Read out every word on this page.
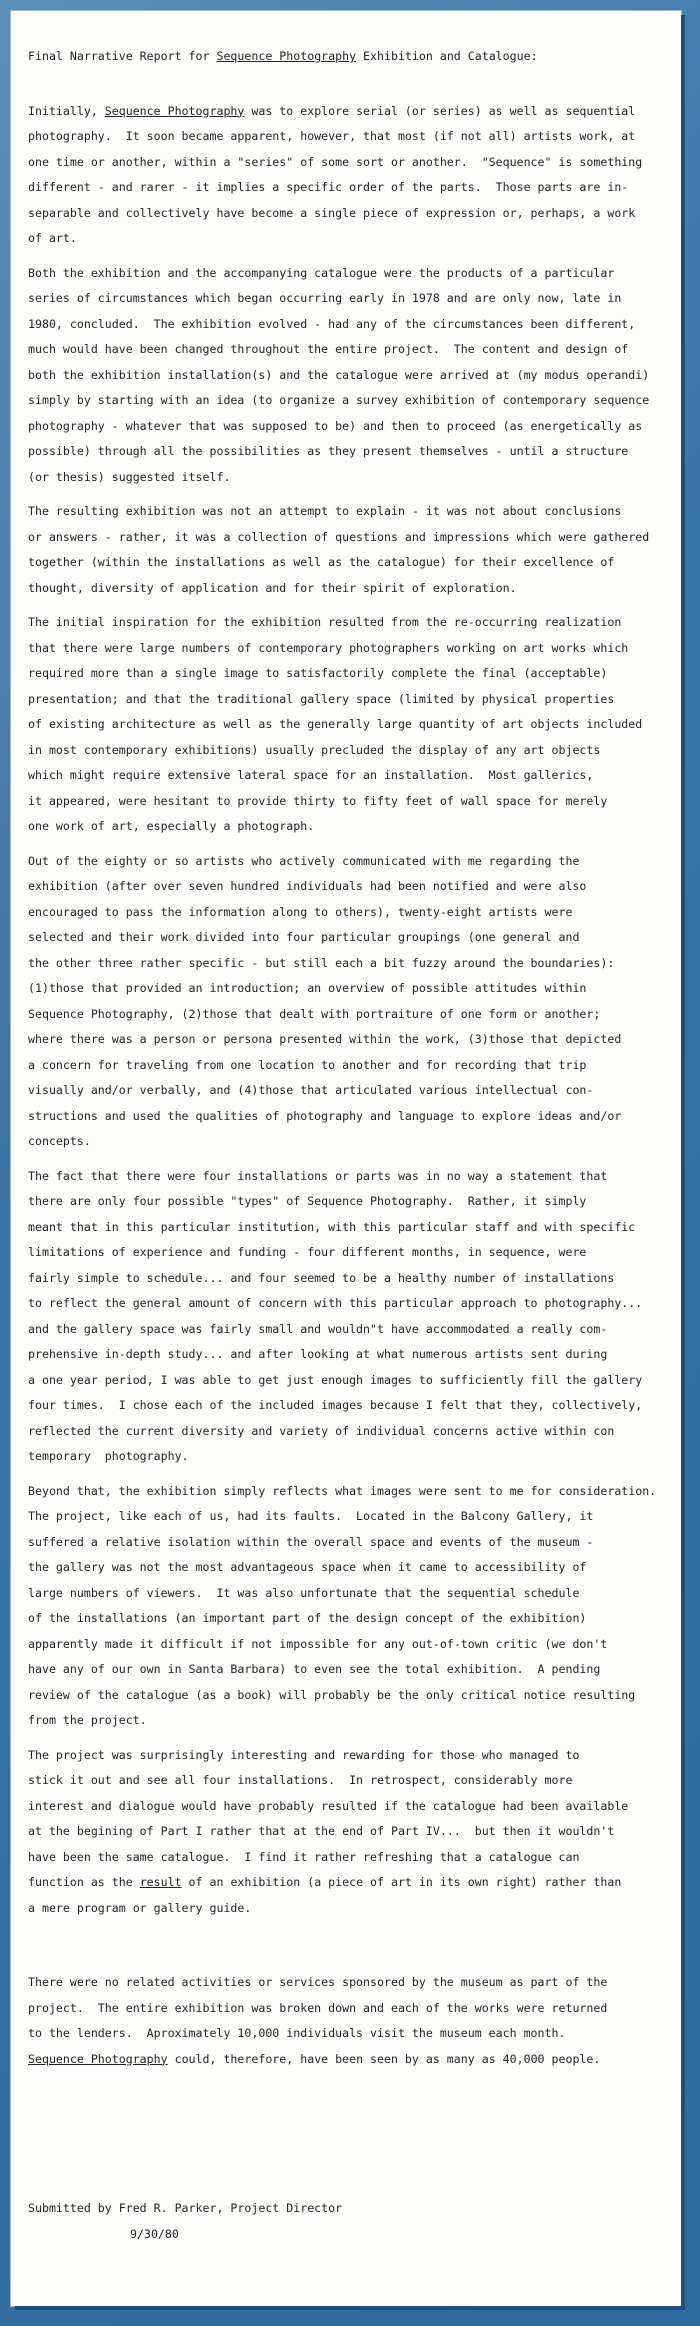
Final Narrative Report for Sequence Photography Exhibition and Catalogue:
Initially, Sequence Photography was to explore serial (or series) as well as sequential
photography.  It soon became apparent, however, that most (if not all) artists work, at
one time or another, within a "series" of some sort or another.  "Sequence" is something
different - and rarer - it implies a specific order of the parts.  Those parts are in-
separable and collectively have become a single piece of expression or, perhaps, a work
of art.
Both the exhibition and the accompanying catalogue were the products of a particular
series of circumstances which began occurring early in 1978 and are only now, late in
1980, concluded.  The exhibition evolved - had any of the circumstances been different,
much would have been changed throughout the entire project.  The content and design of
both the exhibition installation(s) and the catalogue were arrived at (my modus operandi)
simply by starting with an idea (to organize a survey exhibition of contemporary sequence
photography - whatever that was supposed to be) and then to proceed (as energetically as
possible) through all the possibilities as they present themselves - until a structure
(or thesis) suggested itself.
The resulting exhibition was not an attempt to explain - it was not about conclusions
or answers - rather, it was a collection of questions and impressions which were gathered
together (within the installations as well as the catalogue) for their excellence of
thought, diversity of application and for their spirit of exploration.
The initial inspiration for the exhibition resulted from the re-occurring realization
that there were large numbers of contemporary photographers working on art works which
required more than a single image to satisfactorily complete the final (acceptable)
presentation; and that the traditional gallery space (limited by physical properties
of existing architecture as well as the generally large quantity of art objects included
in most contemporary exhibitions) usually precluded the display of any art objects
which might require extensive lateral space for an installation.  Most gallerics,
it appeared, were hesitant to provide thirty to fifty feet of wall space for merely
one work of art, especially a photograph.
Out of the eighty or so artists who actively communicated with me regarding the
exhibition (after over seven hundred individuals had been notified and were also
encouraged to pass the information along to others), twenty-eight artists were
selected and their work divided into four particular groupings (one general and
the other three rather specific - but still each a bit fuzzy around the boundaries):
(1)those that provided an introduction; an overview of possible attitudes within
Sequence Photography, (2)those that dealt with portraiture of one form or another;
where there was a person or persona presented within the work, (3)those that depicted
a concern for traveling from one location to another and for recording that trip
visually and/or verbally, and (4)those that articulated various intellectual con-
structions and used the qualities of photography and language to explore ideas and/or
concepts.
The fact that there were four installations or parts was in no way a statement that
there are only four possible "types" of Sequence Photography.  Rather, it simply
meant that in this particular institution, with this particular staff and with specific
limitations of experience and funding - four different months, in sequence, were
fairly simple to schedule... and four seemed to be a healthy number of installations
to reflect the general amount of concern with this particular approach to photography...
and the gallery space was fairly small and wouldn"t have accommodated a really com-
prehensive in-depth study... and after looking at what numerous artists sent during
a one year period, I was able to get just enough images to sufficiently fill the gallery
four times.  I chose each of the included images because I felt that they, collectively,
reflected the current diversity and variety of individual concerns active within con
temporary  photography.
Beyond that, the exhibition simply reflects what images were sent to me for consideration.
The project, like each of us, had its faults.  Located in the Balcony Gallery, it
suffered a relative isolation within the overall space and events of the museum -
the gallery was not the most advantageous space when it came to accessibility of
large numbers of viewers.  It was also unfortunate that the sequential schedule
of the installations (an important part of the design concept of the exhibition)
apparently made it difficult if not impossible for any out-of-town critic (we don't
have any of our own in Santa Barbara) to even see the total exhibition.  A pending
review of the catalogue (as a book) will probably be the only critical notice resulting
from the project.
The project was surprisingly interesting and rewarding for those who managed to
stick it out and see all four installations.  In retrospect, considerably more
interest and dialogue would have probably resulted if the catalogue had been available
at the begining of Part I rather that at the end of Part IV...  but then it wouldn't
have been the same catalogue.  I find it rather refreshing that a catalogue can
function as the result of an exhibition (a piece of art in its own right) rather than
a mere program or gallery guide.
There were no related activities or services sponsored by the museum as part of the
project.  The entire exhibition was broken down and each of the works were returned
to the lenders.  Aproximately 10,000 individuals visit the museum each month.
Sequence Photography could, therefore, have been seen by as many as 40,000 people.
Submitted by Fred R. Parker, Project Director
9/30/80
